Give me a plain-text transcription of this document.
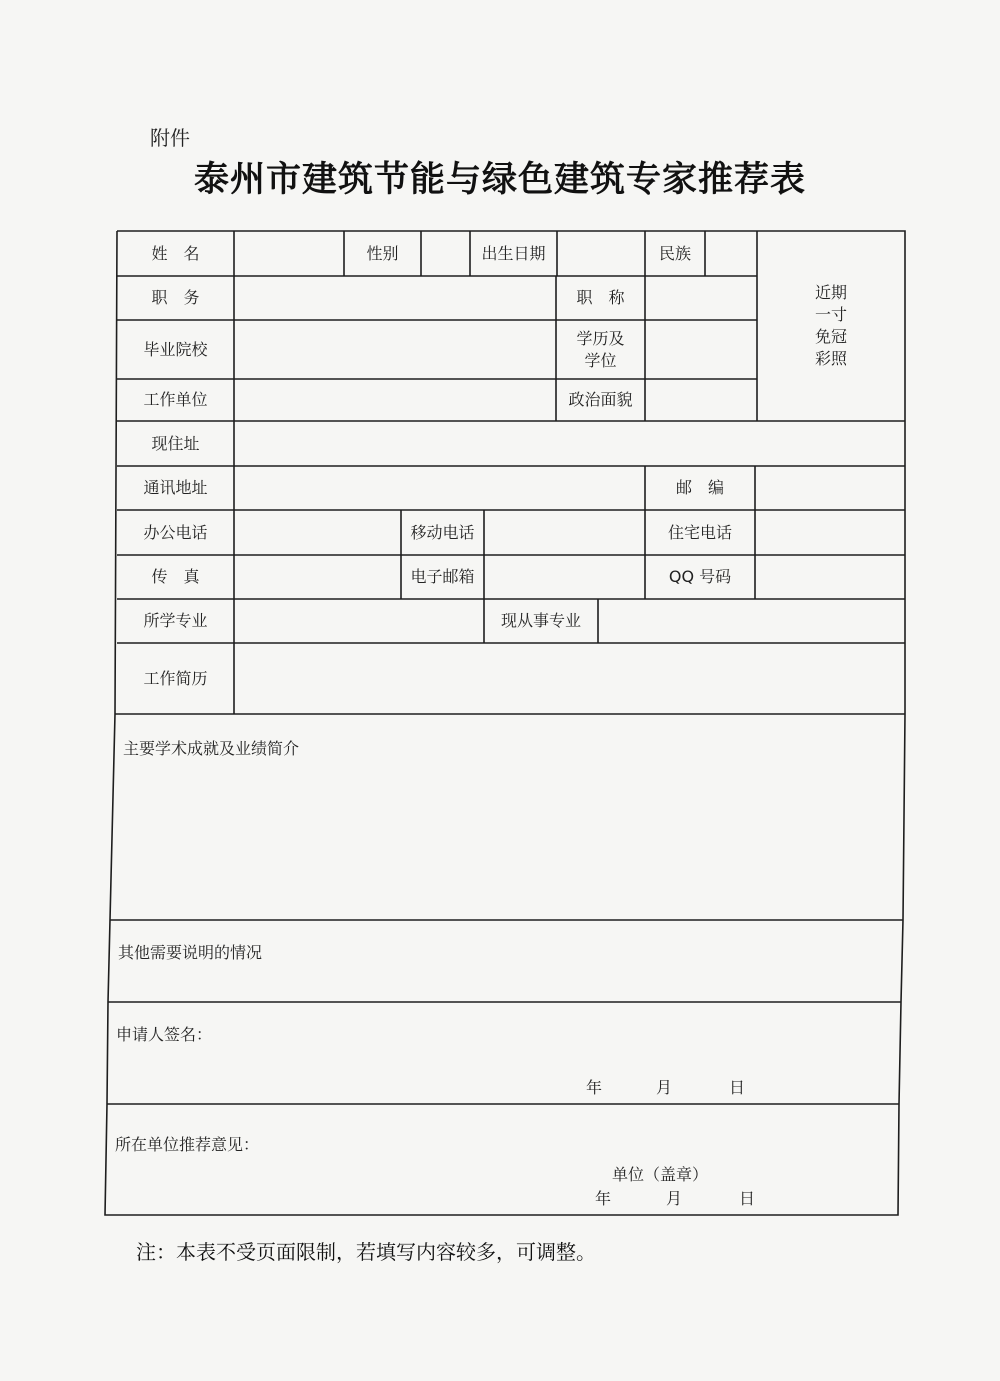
附件
泰州市建筑节能与绿色建筑专家推荐表
姓　名	性别	出生日期	民族
近期
一寸
免冠
彩照
职　务	职　称
毕业院校
学历及
学位
工作单位	政治面貌
现住址
通讯地址	邮　编
办公电话	移动电话	住宅电话
传　真	电子邮箱	QQ 号码
所学专业	现从事专业
工作简历
主要学术成就及业绩简介
其他需要说明的情况
申请人签名：
年	月	日
所在单位推荐意见：
单位（盖章）
年	月	日
注：本表不受页面限制，若填写内容较多，可调整。
